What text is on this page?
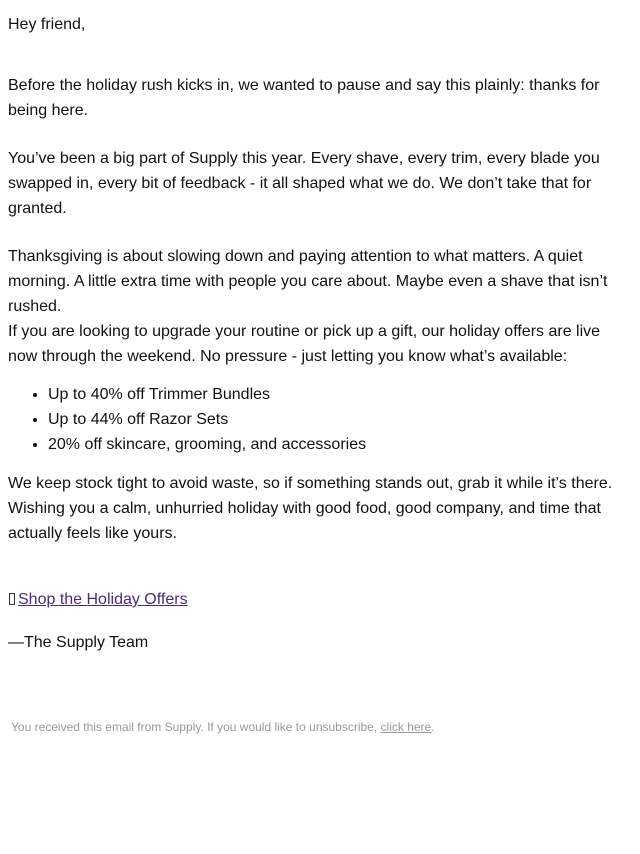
Hey friend,

Before the holiday rush kicks in, we wanted to pause and say this plainly: thanks for being here.

You’ve been a big part of Supply this year. Every shave, every trim, every blade you swapped in, every bit of feedback - it all shaped what we do. We don’t take that for granted.

Thanksgiving is about slowing down and paying attention to what matters. A quiet morning. A little extra time with people you care about. Maybe even a shave that isn’t rushed.

If you are looking to upgrade your routine or pick up a gift, our holiday offers are live now through the weekend. No pressure - just letting you know what’s available:

• Up to 40% off Trimmer Bundles
• Up to 44% off Razor Sets
• 20% off skincare, grooming, and accessories

We keep stock tight to avoid waste, so if something stands out, grab it while it’s there.

Wishing you a calm, unhurried holiday with good food, good company, and time that actually feels like yours.

Shop the Holiday Offers

—The Supply Team

You received this email from Supply. If you would like to unsubscribe, click here.
